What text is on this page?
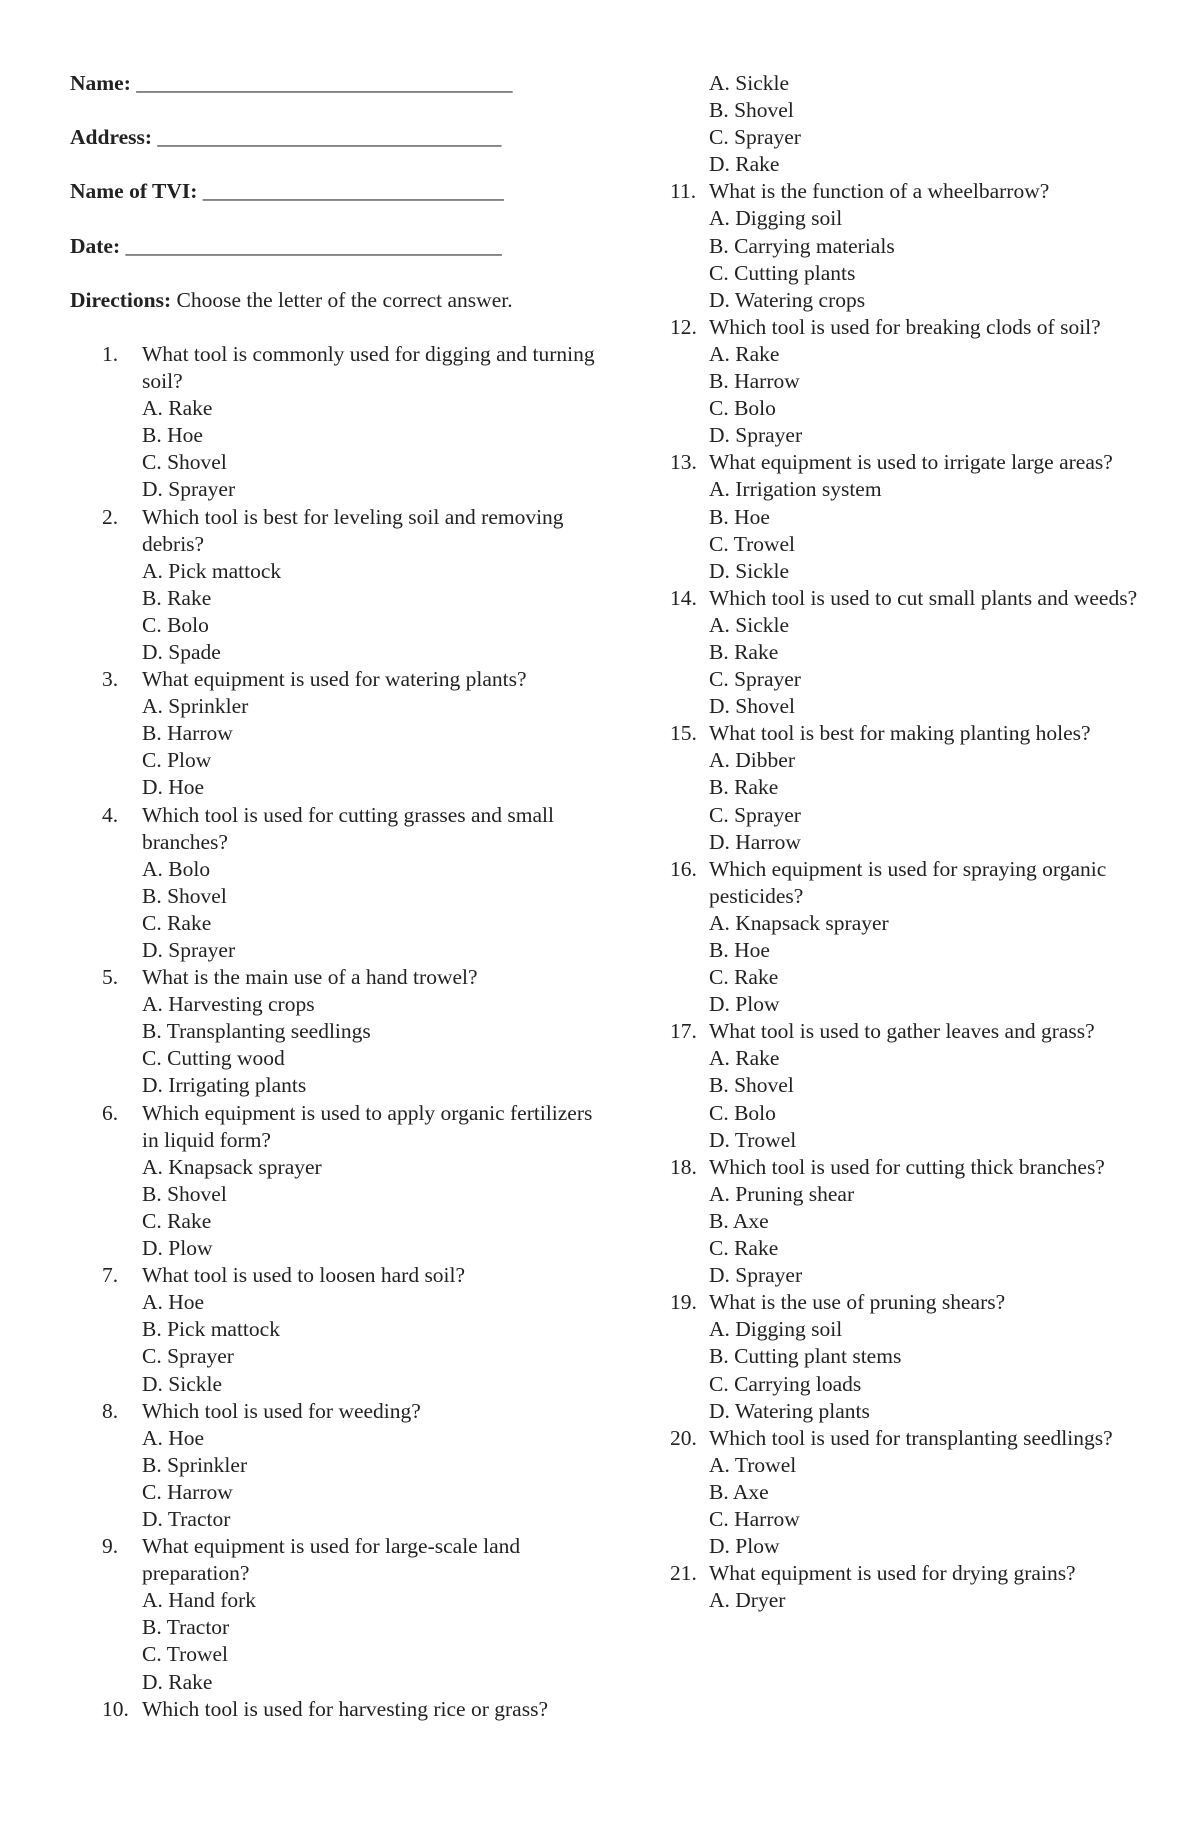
Name: ___________________________________
Address: ________________________________
Name of TVI: ____________________________
Date: ___________________________________
Directions: Choose the letter of the correct answer.
1.	What tool is commonly used for digging and turning soil?
A. Rake
B. Hoe
C. Shovel
D. Sprayer
2.	Which tool is best for leveling soil and removing debris?
A. Pick mattock
B. Rake
C. Bolo
D. Spade
3.	What equipment is used for watering plants?
A. Sprinkler
B. Harrow
C. Plow
D. Hoe
4.	Which tool is used for cutting grasses and small branches?
A. Bolo
B. Shovel
C. Rake
D. Sprayer
5.	What is the main use of a hand trowel?
A. Harvesting crops
B. Transplanting seedlings
C. Cutting wood
D. Irrigating plants
6.	Which equipment is used to apply organic fertilizers in liquid form?
A. Knapsack sprayer
B. Shovel
C. Rake
D. Plow
7.	What tool is used to loosen hard soil?
A. Hoe
B. Pick mattock
C. Sprayer
D. Sickle
8.	Which tool is used for weeding?
A. Hoe
B. Sprinkler
C. Harrow
D. Tractor
9.	What equipment is used for large-scale land preparation?
A. Hand fork
B. Tractor
C. Trowel
D. Rake
10. Which tool is used for harvesting rice or grass?
A. Sickle
B. Shovel
C. Sprayer
D. Rake
11. What is the function of a wheelbarrow?
A. Digging soil
B. Carrying materials
C. Cutting plants
D. Watering crops
12. Which tool is used for breaking clods of soil?
A. Rake
B. Harrow
C. Bolo
D. Sprayer
13. What equipment is used to irrigate large areas?
A. Irrigation system
B. Hoe
C. Trowel
D. Sickle
14. Which tool is used to cut small plants and weeds?
A. Sickle
B. Rake
C. Sprayer
D. Shovel
15. What tool is best for making planting holes?
A. Dibber
B. Rake
C. Sprayer
D. Harrow
16. Which equipment is used for spraying organic pesticides?
A. Knapsack sprayer
B. Hoe
C. Rake
D. Plow
17. What tool is used to gather leaves and grass?
A. Rake
B. Shovel
C. Bolo
D. Trowel
18. Which tool is used for cutting thick branches?
A. Pruning shear
B. Axe
C. Rake
D. Sprayer
19. What is the use of pruning shears?
A. Digging soil
B. Cutting plant stems
C. Carrying loads
D. Watering plants
20. Which tool is used for transplanting seedlings?
A. Trowel
B. Axe
C. Harrow
D. Plow
21. What equipment is used for drying grains?
A. Dryer
